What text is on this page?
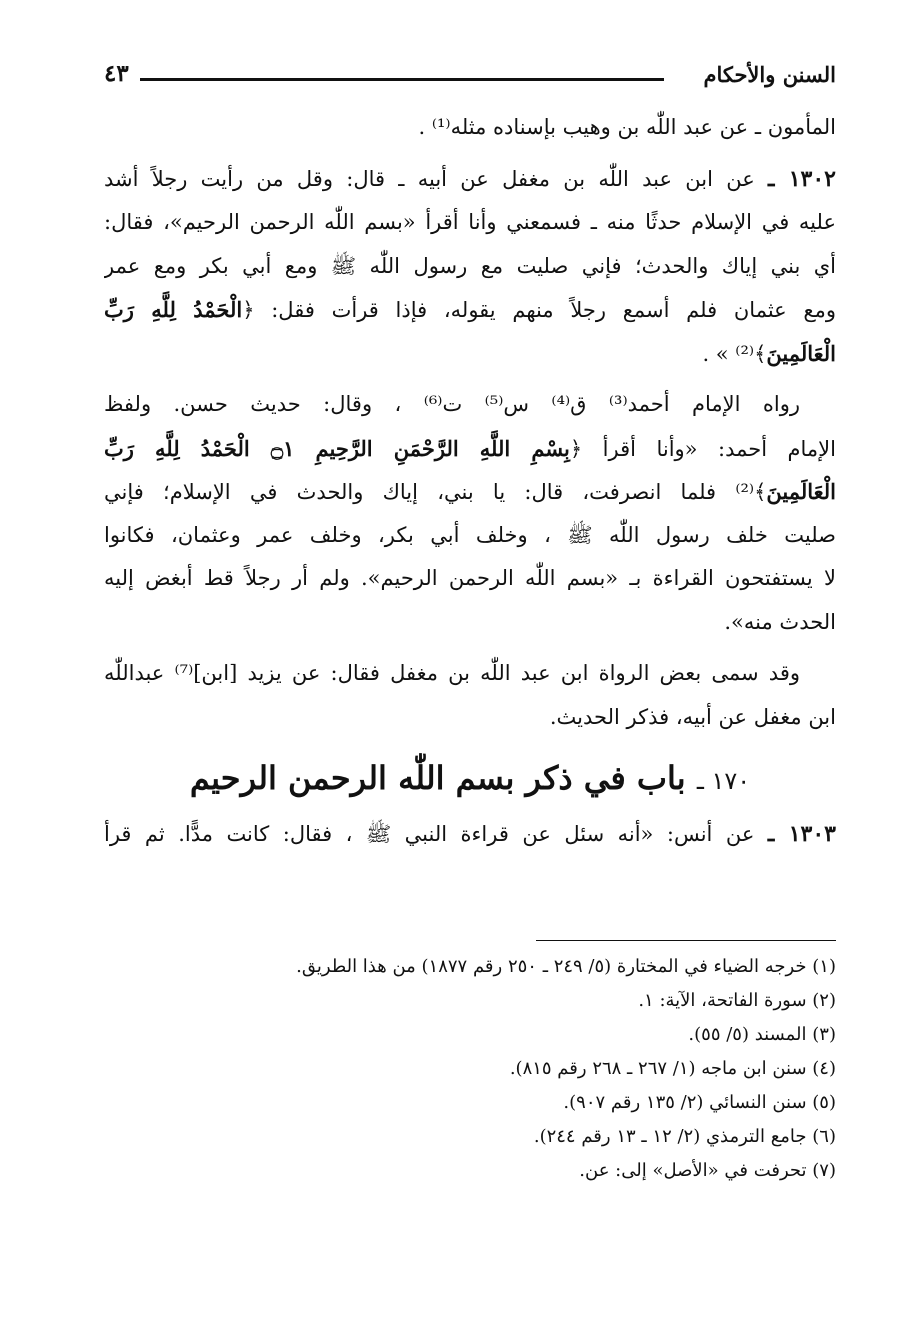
السنن والأحكام
٤٣
المأمون ـ عن عبد اللّٰه بن وهيب بإسناده مثله⁽¹⁾ .
١٣٠٢ ـ عن ابن عبد اللّٰه بن مغفل عن أبيه ـ قال: وقل من رأيت رجلاً أشد
عليه في الإسلام حدثًا منه ـ فسمعني وأنا أقرأ «بسم اللّٰه الرحمن الرحيم»، فقال:
أي بني إياك والحدث؛ فإني صليت مع رسول اللّٰه ﷺ ومع أبي بكر ومع عمر
ومع عثمان فلم أسمع رجلاً منهم يقوله، فإذا قرأت فقل: ﴿الْحَمْدُ لِلَّهِ رَبِّ
الْعَالَمِينَ﴾⁽²⁾ » .
رواه الإمام أحمد⁽³⁾ ق⁽⁴⁾ س⁽⁵⁾ ت⁽⁶⁾ ، وقال: حديث حسن. ولفظ
الإمام أحمد: «وأنا أقرأ ﴿بِسْمِ اللَّهِ الرَّحْمَنِ الرَّحِيمِ ۝١ الْحَمْدُ لِلَّهِ رَبِّ
الْعَالَمِينَ﴾⁽²⁾ فلما انصرفت، قال: يا بني، إياك والحدث في الإسلام؛ فإني
صليت خلف رسول اللّٰه ﷺ ، وخلف أبي بكر، وخلف عمر وعثمان، فكانوا
لا يستفتحون القراءة بـ «بسم اللّٰه الرحمن الرحيم». ولم أر رجلاً قط أبغض إليه
الحدث منه».
وقد سمى بعض الرواة ابن عبد اللّٰه بن مغفل فقال: عن يزيد [ابن]⁽⁷⁾ عبداللّٰه
ابن مغفل عن أبيه، فذكر الحديث.
١٧٠ ـ باب في ذكر بسم اللّٰه الرحمن الرحيم
١٣٠٣ ـ عن أنس: «أنه سئل عن قراءة النبي ﷺ ، فقال: كانت مدًّا. ثم قرأ
(١) خرجه الضياء في المختارة (٥/ ٢٤٩ ـ ٢٥٠ رقم ١٨٧٧) من هذا الطريق.
(٢) سورة الفاتحة، الآية: ١.
(٣) المسند (٥/ ٥٥).
(٤) سنن ابن ماجه (١/ ٢٦٧ ـ ٢٦٨ رقم ٨١٥).
(٥) سنن النسائي (٢/ ١٣٥ رقم ٩٠٧).
(٦) جامع الترمذي (٢/ ١٢ ـ ١٣ رقم ٢٤٤).
(٧) تحرفت في «الأصل» إلى: عن.
